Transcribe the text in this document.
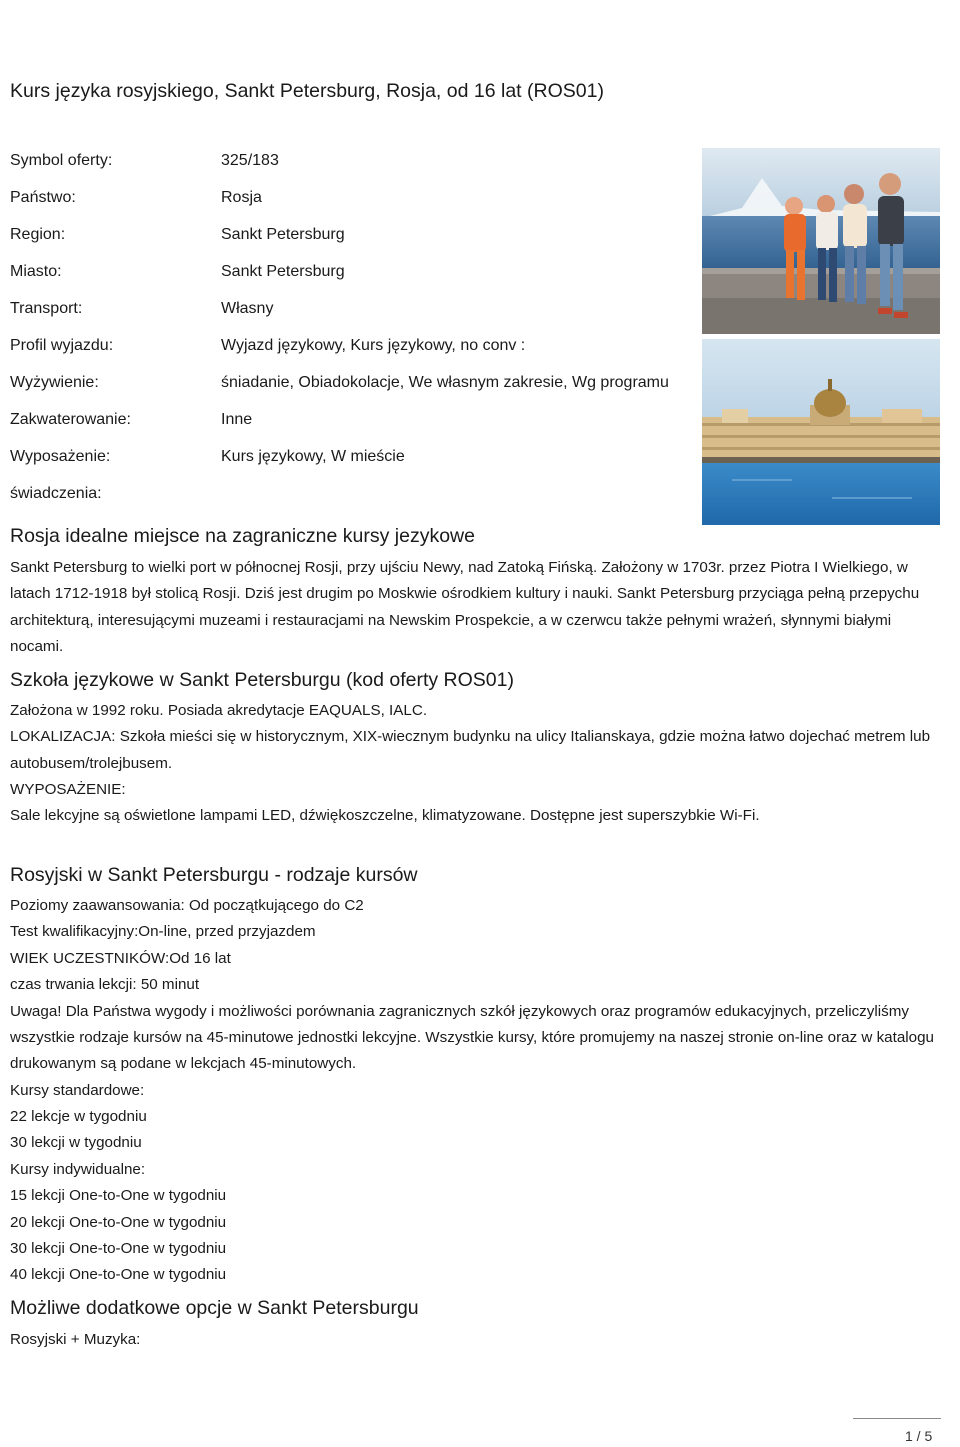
Kurs języka rosyjskiego, Sankt Petersburg, Rosja, od 16 lat (ROS01)
Symbol oferty:	325/183
Państwo:	Rosja
Region:	Sankt Petersburg
Miasto:	Sankt Petersburg
Transport:	Własny
Profil wyjazdu:	Wyjazd językowy, Kurs językowy, no conv :
Wyżywienie:	śniadanie, Obiadokolacje, We własnym zakresie, Wg programu
Zakwaterowanie:	Inne
Wyposażenie:	Kurs językowy, W mieście
świadczenia:
Rosja idealne miejsce na zagraniczne kursy jezykowe

Sankt Petersburg to wielki port w północnej Rosji, przy ujściu Newy, nad Zatoką Fińską. Założony w 1703r. przez Piotra I Wielkiego, w latach 1712-1918 był stolicą Rosji. Dziś jest drugim po Moskwie ośrodkiem kultury i nauki. Sankt Petersburg przyciąga pełną przepychu architekturą, interesującymi muzeami i restauracjami na Newskim Prospekcie, a w czerwcu także pełnymi wrażeń, słynnymi białymi nocami.

Szkoła językowe w Sankt Petersburgu (kod oferty ROS01)
Założona w 1992 roku. Posiada akredytacje EAQUALS, IALC.

LOKALIZACJA: Szkoła mieści się w historycznym, XIX-wiecznym budynku na ulicy Italianskaya, gdzie można łatwo dojechać metrem lub autobusem/trolejbusem.

WYPOSAŻENIE:
Sale lekcyjne są oświetlone lampami LED, dźwiękoszczelne, klimatyzowane. Dostępne jest superszybkie Wi-Fi.
Rosyjski w Sankt Petersburgu - rodzaje kursów
Poziomy zaawansowania: Od początkującego do C2
Test kwalifikacyjny:On-line, przed przyjazdem
WIEK UCZESTNIKÓW:Od 16 lat
czas trwania lekcji: 50 minut

Uwaga! Dla Państwa wygody i możliwości porównania zagranicznych szkół językowych oraz programów edukacyjnych, przeliczyliśmy wszystkie rodzaje kursów na 45-minutowe jednostki lekcyjne. Wszystkie kursy, które promujemy na naszej stronie on-line oraz w katalogu drukowanym są podane w lekcjach 45-minutowych.

Kursy standardowe:
22 lekcje w tygodniu
30 lekcji w tygodniu
Kursy indywidualne:
15 lekcji One-to-One w tygodniu
20 lekcji One-to-One w tygodniu
30 lekcji One-to-One w tygodniu
40 lekcji One-to-One w tygodniu
Możliwe dodatkowe opcje w Sankt Petersburgu
Rosyjski + Muzyka:
1 / 5
